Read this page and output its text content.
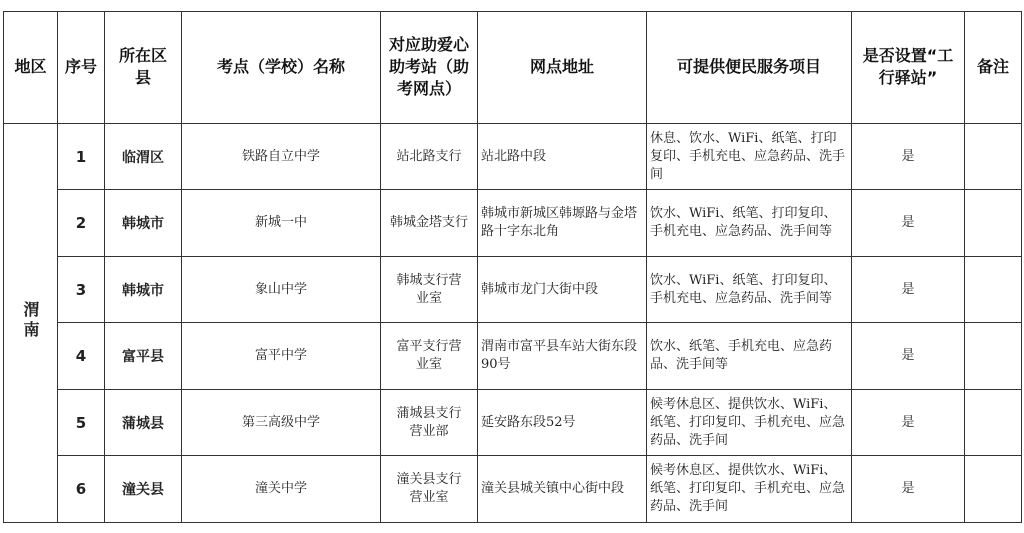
地区	序号	所在区县	考点（学校）名称	对应助爱心助考站（助考网点）	网点地址	可提供便民服务项目	是否设置“工行驿站”	备注
渭南	1	临渭区	铁路自立中学	站北路支行	站北路中段	休息、饮水、WiFi、纸笔、打印复印、手机充电、应急药品、洗手间	是	
	2	韩城市	新城一中	韩城金塔支行	韩城市新城区韩塬路与金塔路十字东北角	饮水、WiFi、纸笔、打印复印、手机充电、应急药品、洗手间等	是	
	3	韩城市	象山中学	韩城支行营业室	韩城市龙门大街中段	饮水、WiFi、纸笔、打印复印、手机充电、应急药品、洗手间等	是	
	4	富平县	富平中学	富平支行营业室	渭南市富平县车站大街东段90号	饮水、纸笔、手机充电、应急药品、洗手间等	是	
	5	蒲城县	第三高级中学	蒲城县支行营业部	延安路东段52号	候考休息区、提供饮水、WiFi、纸笔、打印复印、手机充电、应急药品、洗手间	是	
	6	潼关县	潼关中学	潼关县支行营业室	潼关县城关镇中心街中段	候考休息区、提供饮水、WiFi、纸笔、打印复印、手机充电、应急药品、洗手间	是	
